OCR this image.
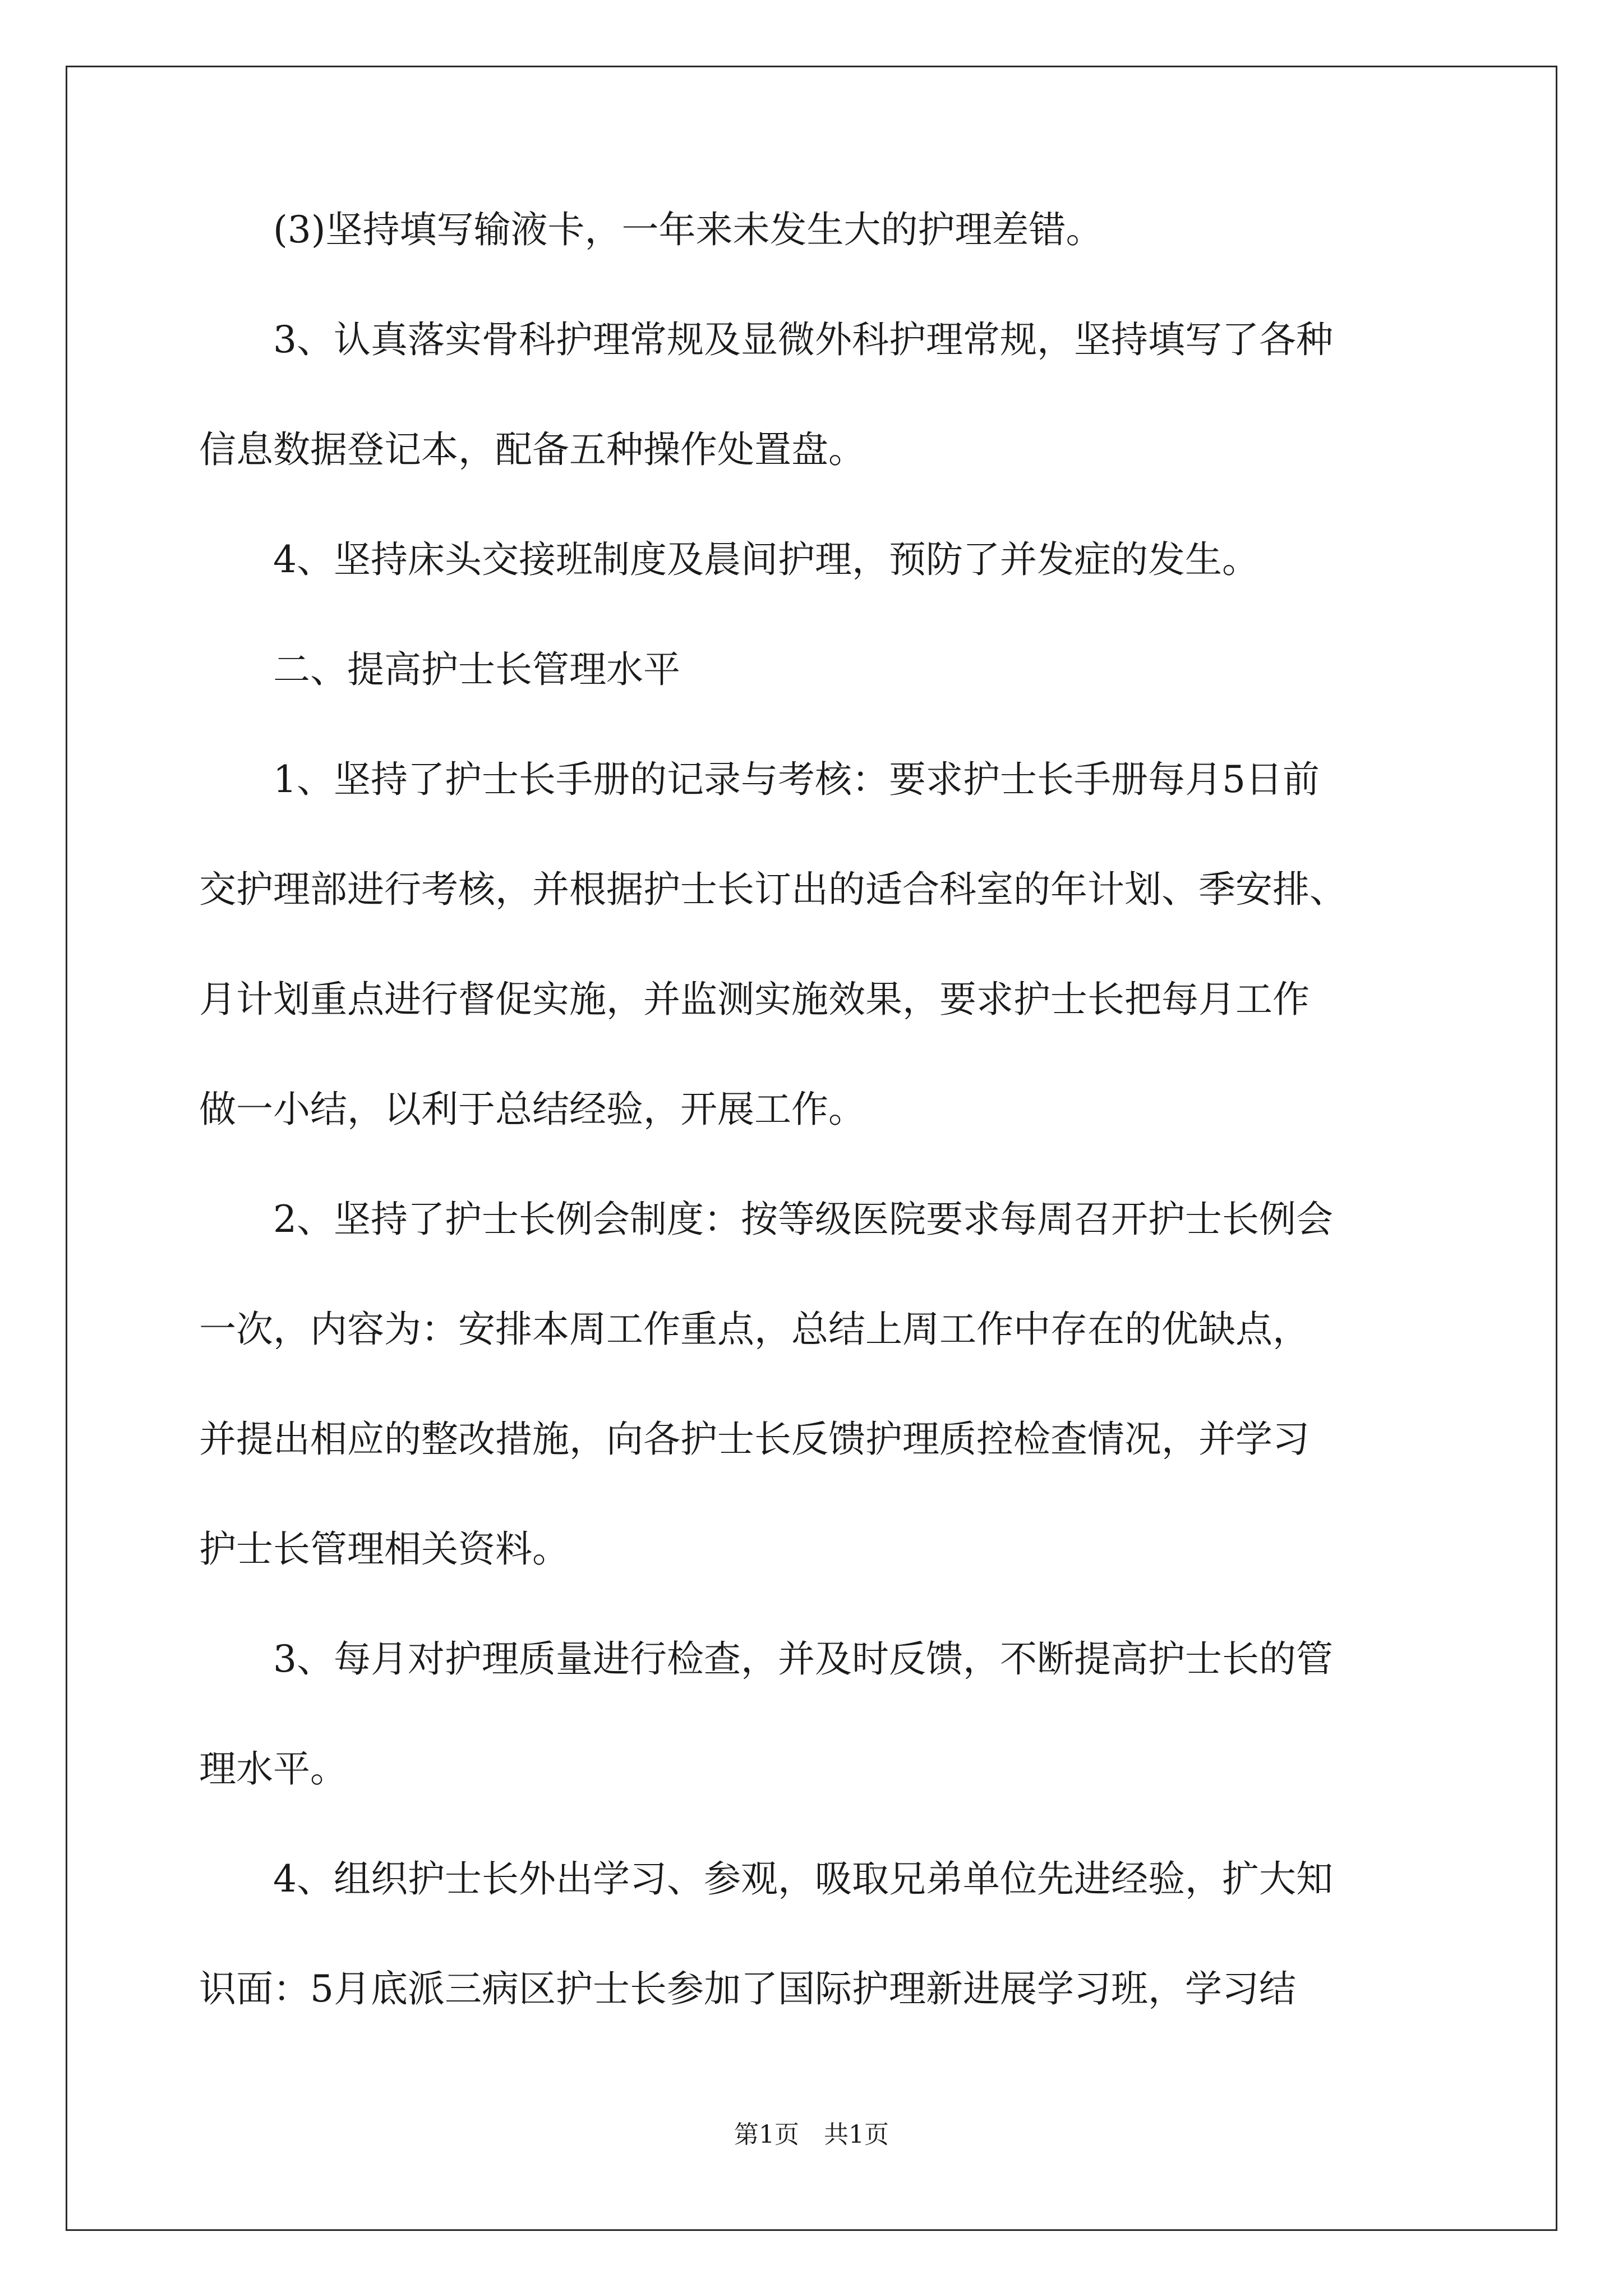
(3)坚持填写输液卡，一年来未发生大的护理差错。
3、认真落实骨科护理常规及显微外科护理常规，坚持填写了各种
信息数据登记本，配备五种操作处置盘。
4、坚持床头交接班制度及晨间护理，预防了并发症的发生。
二、提高护士长管理水平
1、坚持了护士长手册的记录与考核：要求护士长手册每月5日前
交护理部进行考核，并根据护士长订出的适合科室的年计划、季安排、
月计划重点进行督促实施，并监测实施效果，要求护士长把每月工作
做一小结，以利于总结经验，开展工作。
2、坚持了护士长例会制度：按等级医院要求每周召开护士长例会
一次，内容为：安排本周工作重点，总结上周工作中存在的优缺点，
并提出相应的整改措施，向各护士长反馈护理质控检查情况，并学习
护士长管理相关资料。
3、每月对护理质量进行检查，并及时反馈，不断提高护士长的管
理水平。
4、组织护士长外出学习、参观，吸取兄弟单位先进经验，扩大知
识面：5月底派三病区护士长参加了国际护理新进展学习班，学习结
第1页　共1页
